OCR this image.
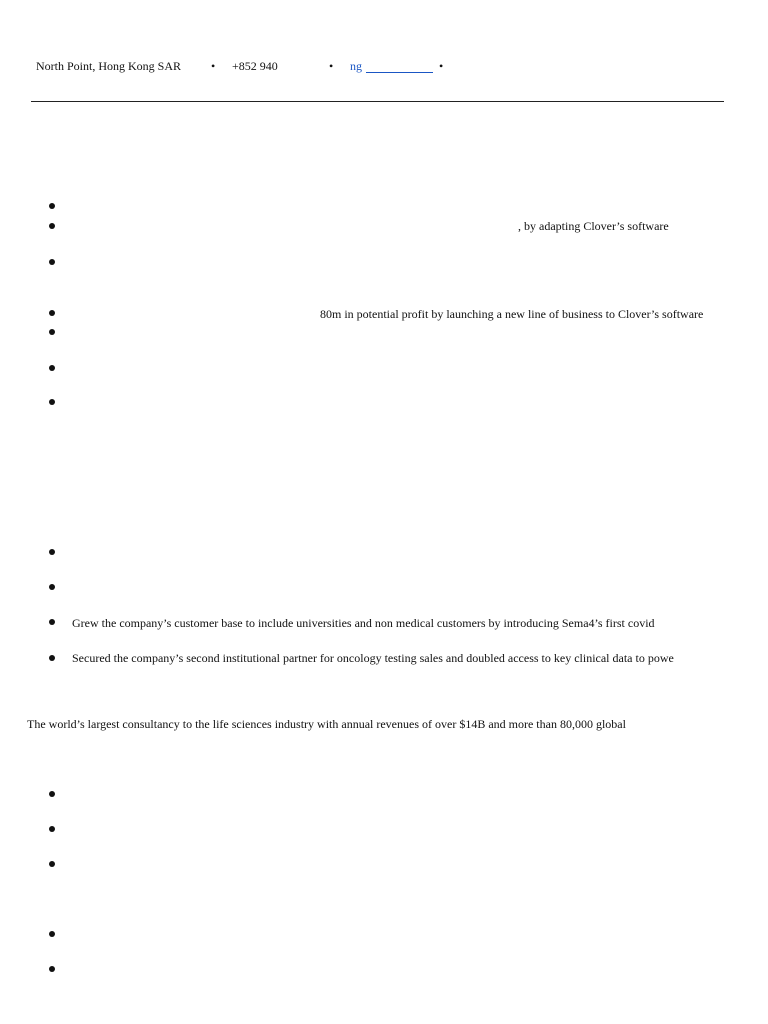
North Point, Hong Kong SAR • +852 940	• ng	•
, by adapting Clover’s software
80m in potential profit by launching a new line of business to Clover’s software
Grew the company’s customer base to include universities and non medical customers by introducing Sema4’s first covid
Secured the company’s second institutional partner for oncology testing sales and doubled access to key clinical data to powe
The world’s largest consultancy to the life sciences industry with annual revenues of over $14B and more than 80,000 global
